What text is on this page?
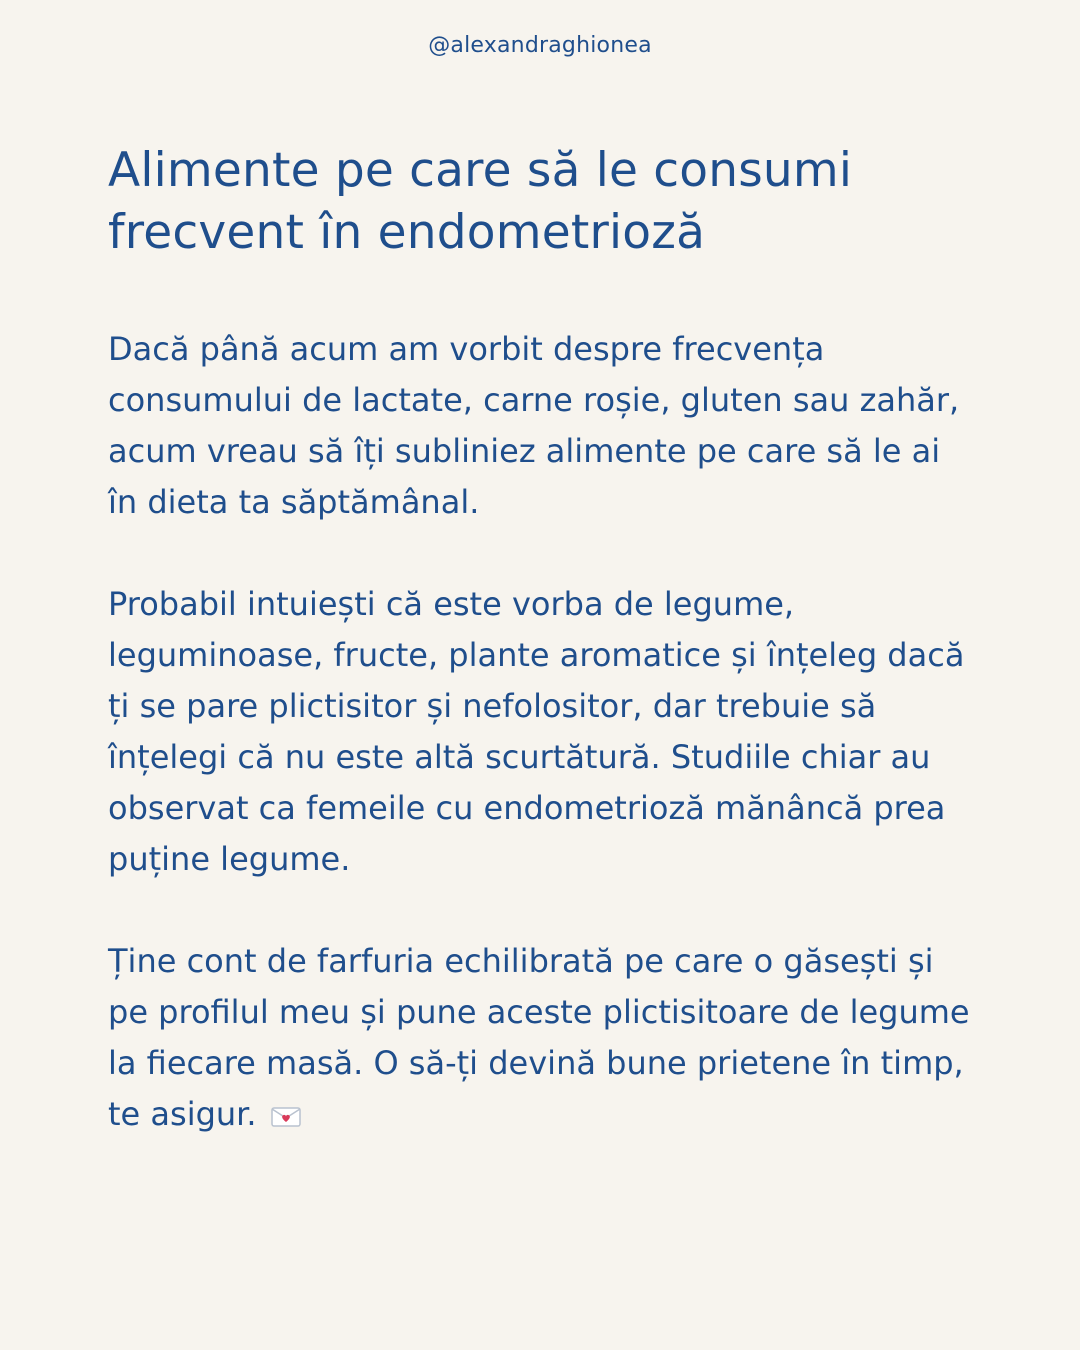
@alexandraghionea
Alimente pe care să le consumi
frecvent în endometrioză

Dacă până acum am vorbit despre frecvența consumului de lactate, carne roșie, gluten sau zahăr, acum vreau să îți subliniez alimente pe care să le ai în dieta ta săptămânal.

Probabil intuiești că este vorba de legume, leguminoase, fructe, plante aromatice și înțeleg dacă ți se pare plictisitor și nefolositor, dar trebuie să înțelegi că nu este altă scurtătură. Studiile chiar au observat ca femeile cu endometrioză mănâncă prea puține legume.

Ține cont de farfuria echilibrată pe care o găsești și pe profilul meu și pune aceste plictisitoare de legume la fiecare masă. O să-ți devină bune prietene în timp, te asigur.
